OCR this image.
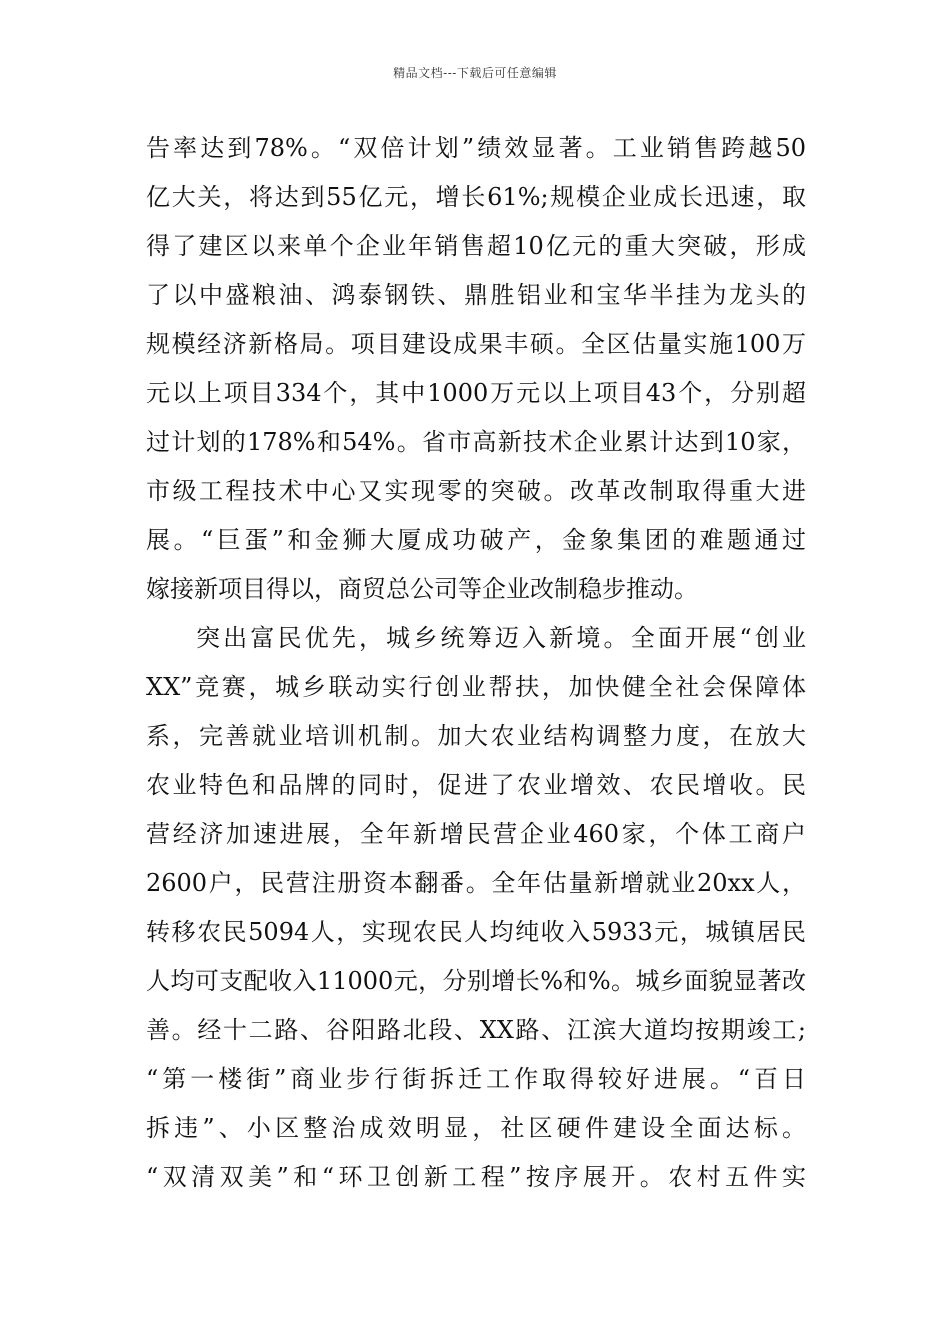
精品文档---下载后可任意编辑
告率达到78%。“双倍计划”绩效显著。工业销售跨越50
亿大关，将达到55亿元，增长61%;规模企业成长迅速，取
得了建区以来单个企业年销售超10亿元的重大突破，形成
了以中盛粮油、鸿泰钢铁、鼎胜铝业和宝华半挂为龙头的
规模经济新格局。项目建设成果丰硕。全区估量实施100万
元以上项目334个，其中1000万元以上项目43个，分别超
过计划的178%和54%。省市高新技术企业累计达到10家，
市级工程技术中心又实现零的突破。改革改制取得重大进
展。“巨蛋”和金狮大厦成功破产，金象集团的难题通过
嫁接新项目得以，商贸总公司等企业改制稳步推动。
突出富民优先，城乡统筹迈入新境。全面开展“创业
XX”竞赛，城乡联动实行创业帮扶，加快健全社会保障体
系，完善就业培训机制。加大农业结构调整力度，在放大
农业特色和品牌的同时，促进了农业增效、农民增收。民
营经济加速进展，全年新增民营企业460家，个体工商户
2600户，民营注册资本翻番。全年估量新增就业20xx人，
转移农民5094人，实现农民人均纯收入5933元，城镇居民
人均可支配收入11000元，分别增长%和%。城乡面貌显著改
善。经十二路、谷阳路北段、XX路、江滨大道均按期竣工;
“第一楼街”商业步行街拆迁工作取得较好进展。“百日
拆违”、小区整治成效明显，社区硬件建设全面达标。
“双清双美”和“环卫创新工程”按序展开。农村五件实
